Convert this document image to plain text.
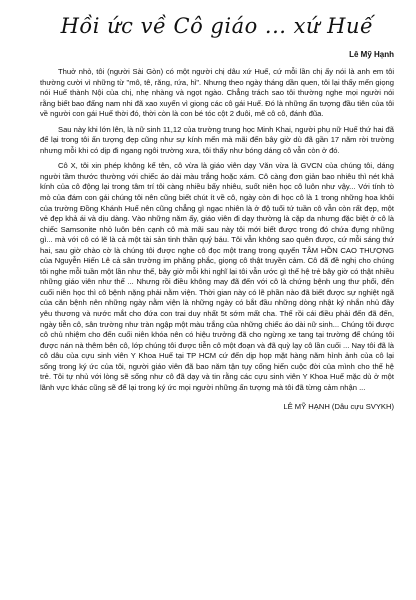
Hồi ức về Cô giáo ... xứ Huế
Lê Mỹ Hạnh

Thuở nhỏ, tôi (người Sài Gòn) có một người chị dâu xứ Huế, cứ mỗi lần chị ấy nói là anh em tôi thường cười vì những từ "mô, tê, răng, rứa, hỉ". Nhưng theo ngày tháng dần quen, tôi lại thấy mến giọng nói Huế thành Nội của chị, nhẹ nhàng và ngọt ngào. Chẳng trách sao tôi thường nghe mọi người nói rằng biết bao đấng nam nhi đã xao xuyến vì giọng các cô gái Huế. Đó là những ấn tượng đầu tiên của tôi về người con gái Huế thời đó, thời còn là con bé tóc cột 2 đuôi, mê cô cô, đánh đũa.

Sau này khi lớn lên, là nữ sinh 11,12 của trường trung học Minh Khai, người phụ nữ Huế thứ hai đã để lại trong tôi ấn tượng đẹp cũng như sự kính mến mà mãi đến bây giờ dù đã gần 17 năm rời trường nhưng mỗi khi có dịp đi ngang ngôi trường xưa, tôi thấy như bóng dáng cô vẫn còn ở đó.

Cô X, tôi xin phép không kể tên, cô vừa là giáo viên dạy Văn vừa là GVCN của chúng tôi, dáng người tầm thước thường với chiếc áo dài màu trắng hoặc xám. Cô càng đơn giản bao nhiêu thì nét khả kính của cô động lại trong tâm trí tôi càng nhiều bấy nhiêu, suốt niên học cô luôn như vậy... Với tính tò mò của đám con gái chúng tôi nên cũng biết chút ít về cô, ngày còn đi học cô là 1 trong những hoa khôi của trường Đồng Khánh Huế nên cũng chẳng gì ngạc nhiên là ở độ tuổi tứ tuần cô vẫn còn rất đẹp, một vẻ đẹp khả ái và dịu dàng. Vào những năm ấy, giáo viên đi dạy thường là cặp da nhưng đặc biệt ở cô là chiếc Samsonite nhỏ luôn bên cạnh cô mà mãi sau này tôi mới biết được trong đó chứa đựng những gì... mà với cô có lẽ là cả một tài sản tinh thần quý báu. Tôi vẫn không sao quên được, cứ mỗi sáng thứ hai, sau giờ chào cờ là chúng tôi được nghe cô đọc một trang trong quyển TÂM HỒN CAO THƯỢNG của Nguyễn Hiến Lê cả sân trường im phăng phắc, giọng cô thật truyền cảm. Cô đã đề nghị cho chúng tôi nghe mỗi tuần một lần như thế, bây giờ mỗi khi nghĩ lại tôi vẫn ước gì thế hệ trẻ bây giờ có thật nhiều những giáo viên như thế ... Nhưng rồi điều không may đã đến với cô là chứng bệnh ung thư phổi, đến cuối niên học thì cô bệnh nặng phải nằm viện. Thời gian này có lẽ phần nào đã biết được sự nghiệt ngã của căn bệnh nên những ngày nằm viện là những ngày có bắt đầu những dòng nhật ký nhắn nhủ đầy yêu thương và nước mắt cho đứa con trai duy nhất 5t sớm mất cha. Thế rồi cái điều phải đến đã đến, ngày tiễn cô, sân trường như tràn ngập một màu trắng của những chiếc áo dài nữ sinh... Chúng tôi được cô chủ nhiệm cho đến cuối niên khóa nên có hiệu trưởng đã cho ngừng xe tang tại trường để chúng tôi được nán nà thêm bên cô, lớp chúng tôi được tiễn cô một đoạn và đã quỳ lạy cô lần cuối ... Nay tôi đã là cô dâu của cựu sinh viên Y Khoa Huế tại TP HCM cứ đến dịp họp mặt hàng năm hình ảnh của cô lại sống trong ký ức của tôi, người giáo viên đã bao năm tận tụy cống hiến cuộc đời của mình cho thế hệ trẻ. Tôi tự nhủ với lòng sẽ sống như cô đã dạy và tin rằng các cựu sinh viên Y Khoa Huế mặc dù ở một lãnh vực khác cũng sẽ để lại trong ký ức mọi người những ấn tượng mà tôi đã từng cảm nhận ...

LÊ MỸ HẠNH (Dâu cựu SVYKH)
